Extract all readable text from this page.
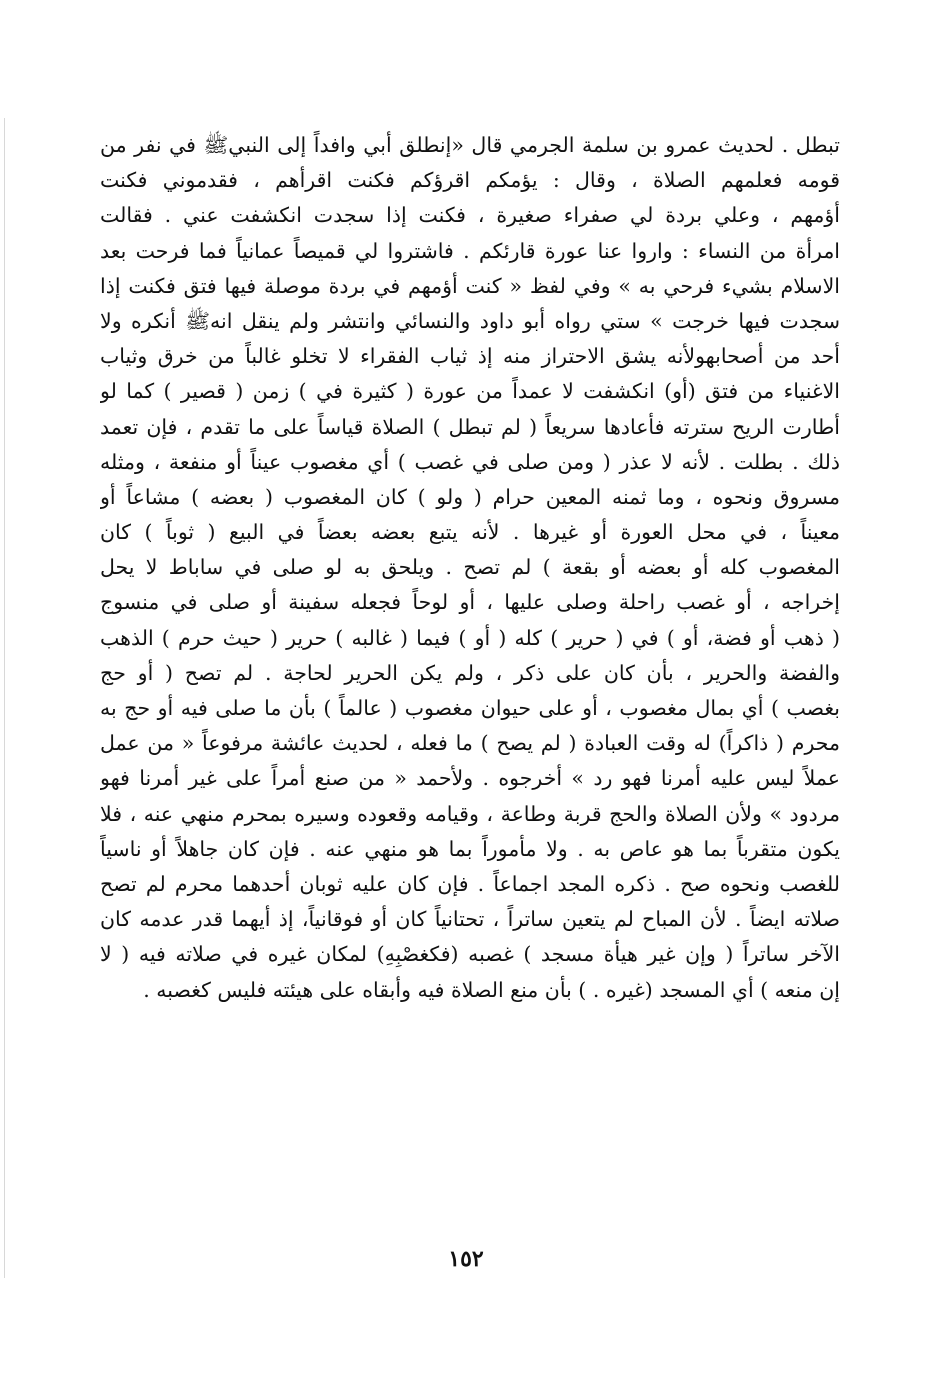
تبطل . لحديث عمرو بن سلمة الجرمي قال «إنطلق أبي وافداً إلى النبيﷺ في نفر من
قومه فعلمهم الصلاة ، وقال : يؤمكم اقرؤكم فكنت اقرأهم ، فقدموني فكنت
أؤمهم ، وعلي بردة لي صفراء صغيرة ، فكنت إذا سجدت انكشفت عني . فقالت
امرأة من النساء : واروا عنا عورة قارئكم . فاشتروا لي قميصاً عمانياً فما فرحت بعد
الاسلام بشيء فرحي به » وفي لفظ « كنت أؤمهم في بردة موصلة فيها فتق فكنت إذا
سجدت فيها خرجت » ستي رواه أبو داود والنسائي وانتشر ولم ينقل انهﷺ أنكره ولا
أحد من أصحابهولأنه يشق الاحتراز منه إذ ثياب الفقراء لا تخلو غالباً من خرق وثياب
الاغنياء من فتق (أو) انكشفت لا عمداً من عورة ( كثيرة في ) زمن ( قصير ) كما لو
أطارت الريح سترته فأعادها سريعاً ( لم تبطل ) الصلاة قياساً على ما تقدم ، فإن تعمد
ذلك . بطلت . لأنه لا عذر ( ومن صلى في غصب ) أي مغصوب عيناً أو منفعة ، ومثله
مسروق ونحوه ، وما ثمنه المعين حرام ( ولو ) كان المغصوب ( بعضه ) مشاعاً أو
معيناً ، في محل العورة أو غيرها . لأنه يتبع بعضه بعضاً في البيع ( ثوباً ) كان
المغصوب كله أو بعضه أو بقعة ) لم تصح . ويلحق به لو صلى في ساباط لا يحل
إخراجه ، أو غصب راحلة وصلى عليها ، أو لوحاً فجعله سفينة أو صلى في منسوج
( ذهب أو فضة، أو ) في ( حرير ) كله ( أو ) فيما ( غالبه ) حرير ( حيث حرم ) الذهب
والفضة والحرير ، بأن كان على ذكر ، ولم يكن الحرير لحاجة . لم تصح ( أو حج
بغصب ) أي بمال مغصوب ، أو على حيوان مغصوب ( عالماً ) بأن ما صلى فيه أو حج به
محرم ( ذاكراً) له وقت العبادة ( لم يصح ) ما فعله ، لحديث عائشة مرفوعاً « من عمل
عملاً ليس عليه أمرنا فهو رد » أخرجوه . ولأحمد « من صنع أمراً على غير أمرنا فهو
مردود » ولأن الصلاة والحج قربة وطاعة ، وقيامه وقعوده وسيره بمحرم منهي عنه ، فلا
يكون متقرباً بما هو عاص به . ولا مأموراً بما هو منهي عنه . فإن كان جاهلاً أو ناسياً
للغصب ونحوه صح . ذكره المجد اجماعاً . فإن كان عليه ثوبان أحدهما محرم لم تصح
صلاته ايضاً . لأن المباح لم يتعين ساتراً ، تحتانياً كان أو فوقانياً، إذ أيهما قدر عدمه كان
الآخر ساتراً ( وإن غير هيأة مسجد ) غصبه (فكغصْبِهِ) لمكان غيره في صلاته فيه ( لا
إن منعه ) أي المسجد (غيره . ) بأن منع الصلاة فيه وأبقاه على هيئته فليس كغصبه .
١٥٢
